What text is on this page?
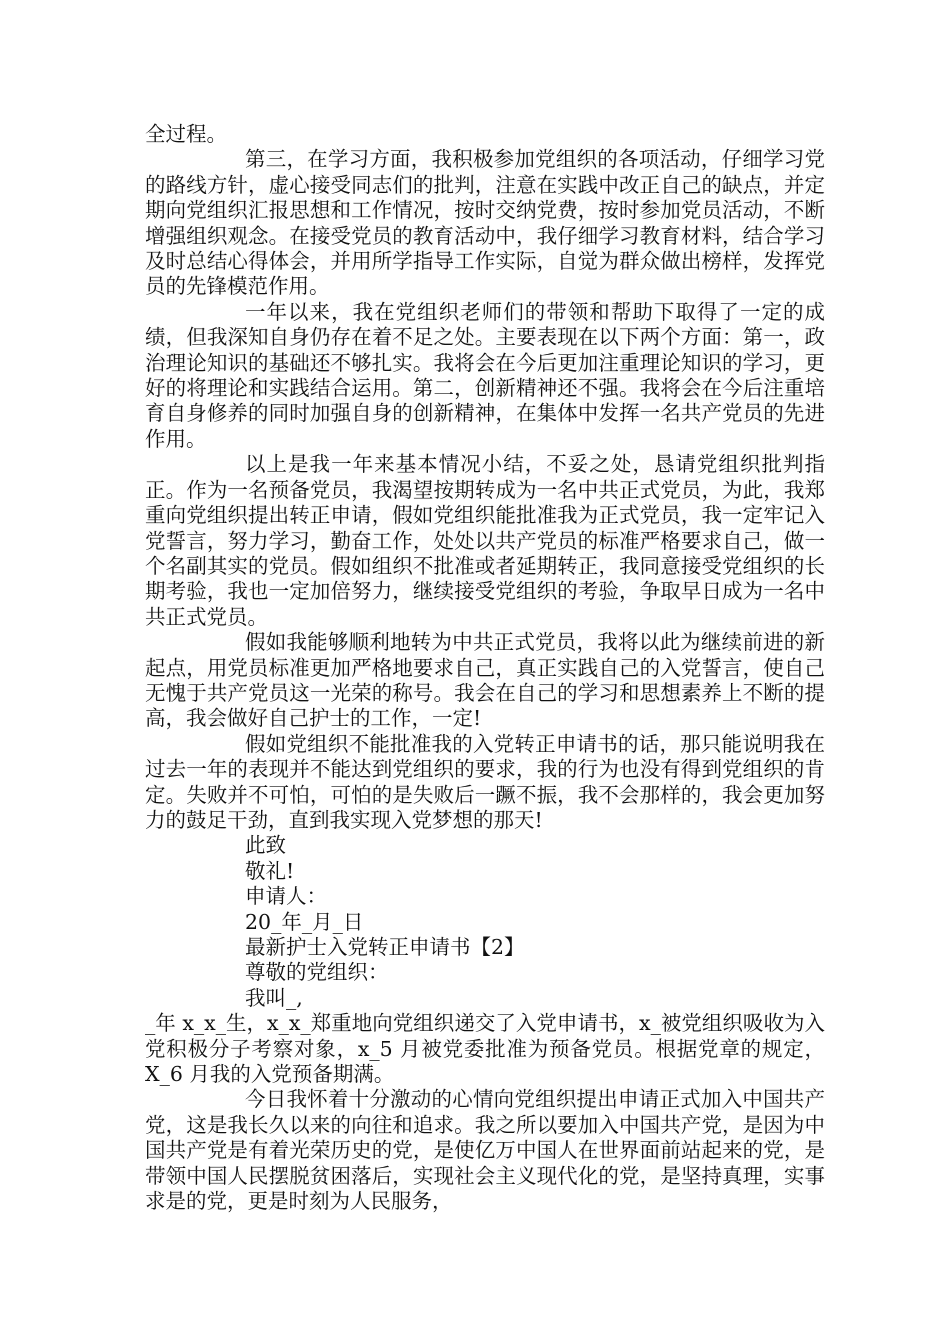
全过程。

第三，在学习方面，我积极参加党组织的各项活动，仔细学习党的路线方针，虚心接受同志们的批判，注意在实践中改正自己的缺点，并定期向党组织汇报思想和工作情况，按时交纳党费，按时参加党员活动，不断增强组织观念。在接受党员的教育活动中，我仔细学习教育材料，结合学习及时总结心得体会，并用所学指导工作实际，自觉为群众做出榜样，发挥党员的先锋模范作用。

一年以来，我在党组织老师们的带领和帮助下取得了一定的成绩，但我深知自身仍存在着不足之处。主要表现在以下两个方面：第一，政治理论知识的基础还不够扎实。我将会在今后更加注重理论知识的学习，更好的将理论和实践结合运用。第二，创新精神还不强。我将会在今后注重培育自身修养的同时加强自身的创新精神，在集体中发挥一名共产党员的先进作用。

以上是我一年来基本情况小结，不妥之处，恳请党组织批判指正。作为一名预备党员，我渴望按期转成为一名中共正式党员，为此，我郑重向党组织提出转正申请，假如党组织能批准我为正式党员，我一定牢记入党誓言，努力学习，勤奋工作，处处以共产党员的标准严格要求自己，做一个名副其实的党员。假如组织不批准或者延期转正，我同意接受党组织的长期考验，我也一定加倍努力，继续接受党组织的考验，争取早日成为一名中共正式党员。

假如我能够顺利地转为中共正式党员，我将以此为继续前进的新起点，用党员标准更加严格地要求自己，真正实践自己的入党誓言，使自己无愧于共产党员这一光荣的称号。我会在自己的学习和思想素养上不断的提高，我会做好自己护士的工作，一定!

假如党组织不能批准我的入党转正申请书的话，那只能说明我在过去一年的表现并不能达到党组织的要求，我的行为也没有得到党组织的肯定。失败并不可怕，可怕的是失败后一蹶不振，我不会那样的，我会更加努力的鼓足干劲，直到我实现入党梦想的那天!

此致

敬礼!

申请人：

20_年_月_日

最新护士入党转正申请书【2】

尊敬的党组织：

我叫_,

_年 x_x_生，x_x_郑重地向党组织递交了入党申请书，x_被党组织吸收为入党积极分子考察对象，x_5 月被党委批准为预备党员。根据党章的规定，X_6 月我的入党预备期满。

今日我怀着十分激动的心情向党组织提出申请正式加入中国共产党，这是我长久以来的向往和追求。我之所以要加入中国共产党，是因为中国共产党是有着光荣历史的党，是使亿万中国人在世界面前站起来的党，是带领中国人民摆脱贫困落后，实现社会主义现代化的党，是坚持真理，实事求是的党，更是时刻为人民服务，
